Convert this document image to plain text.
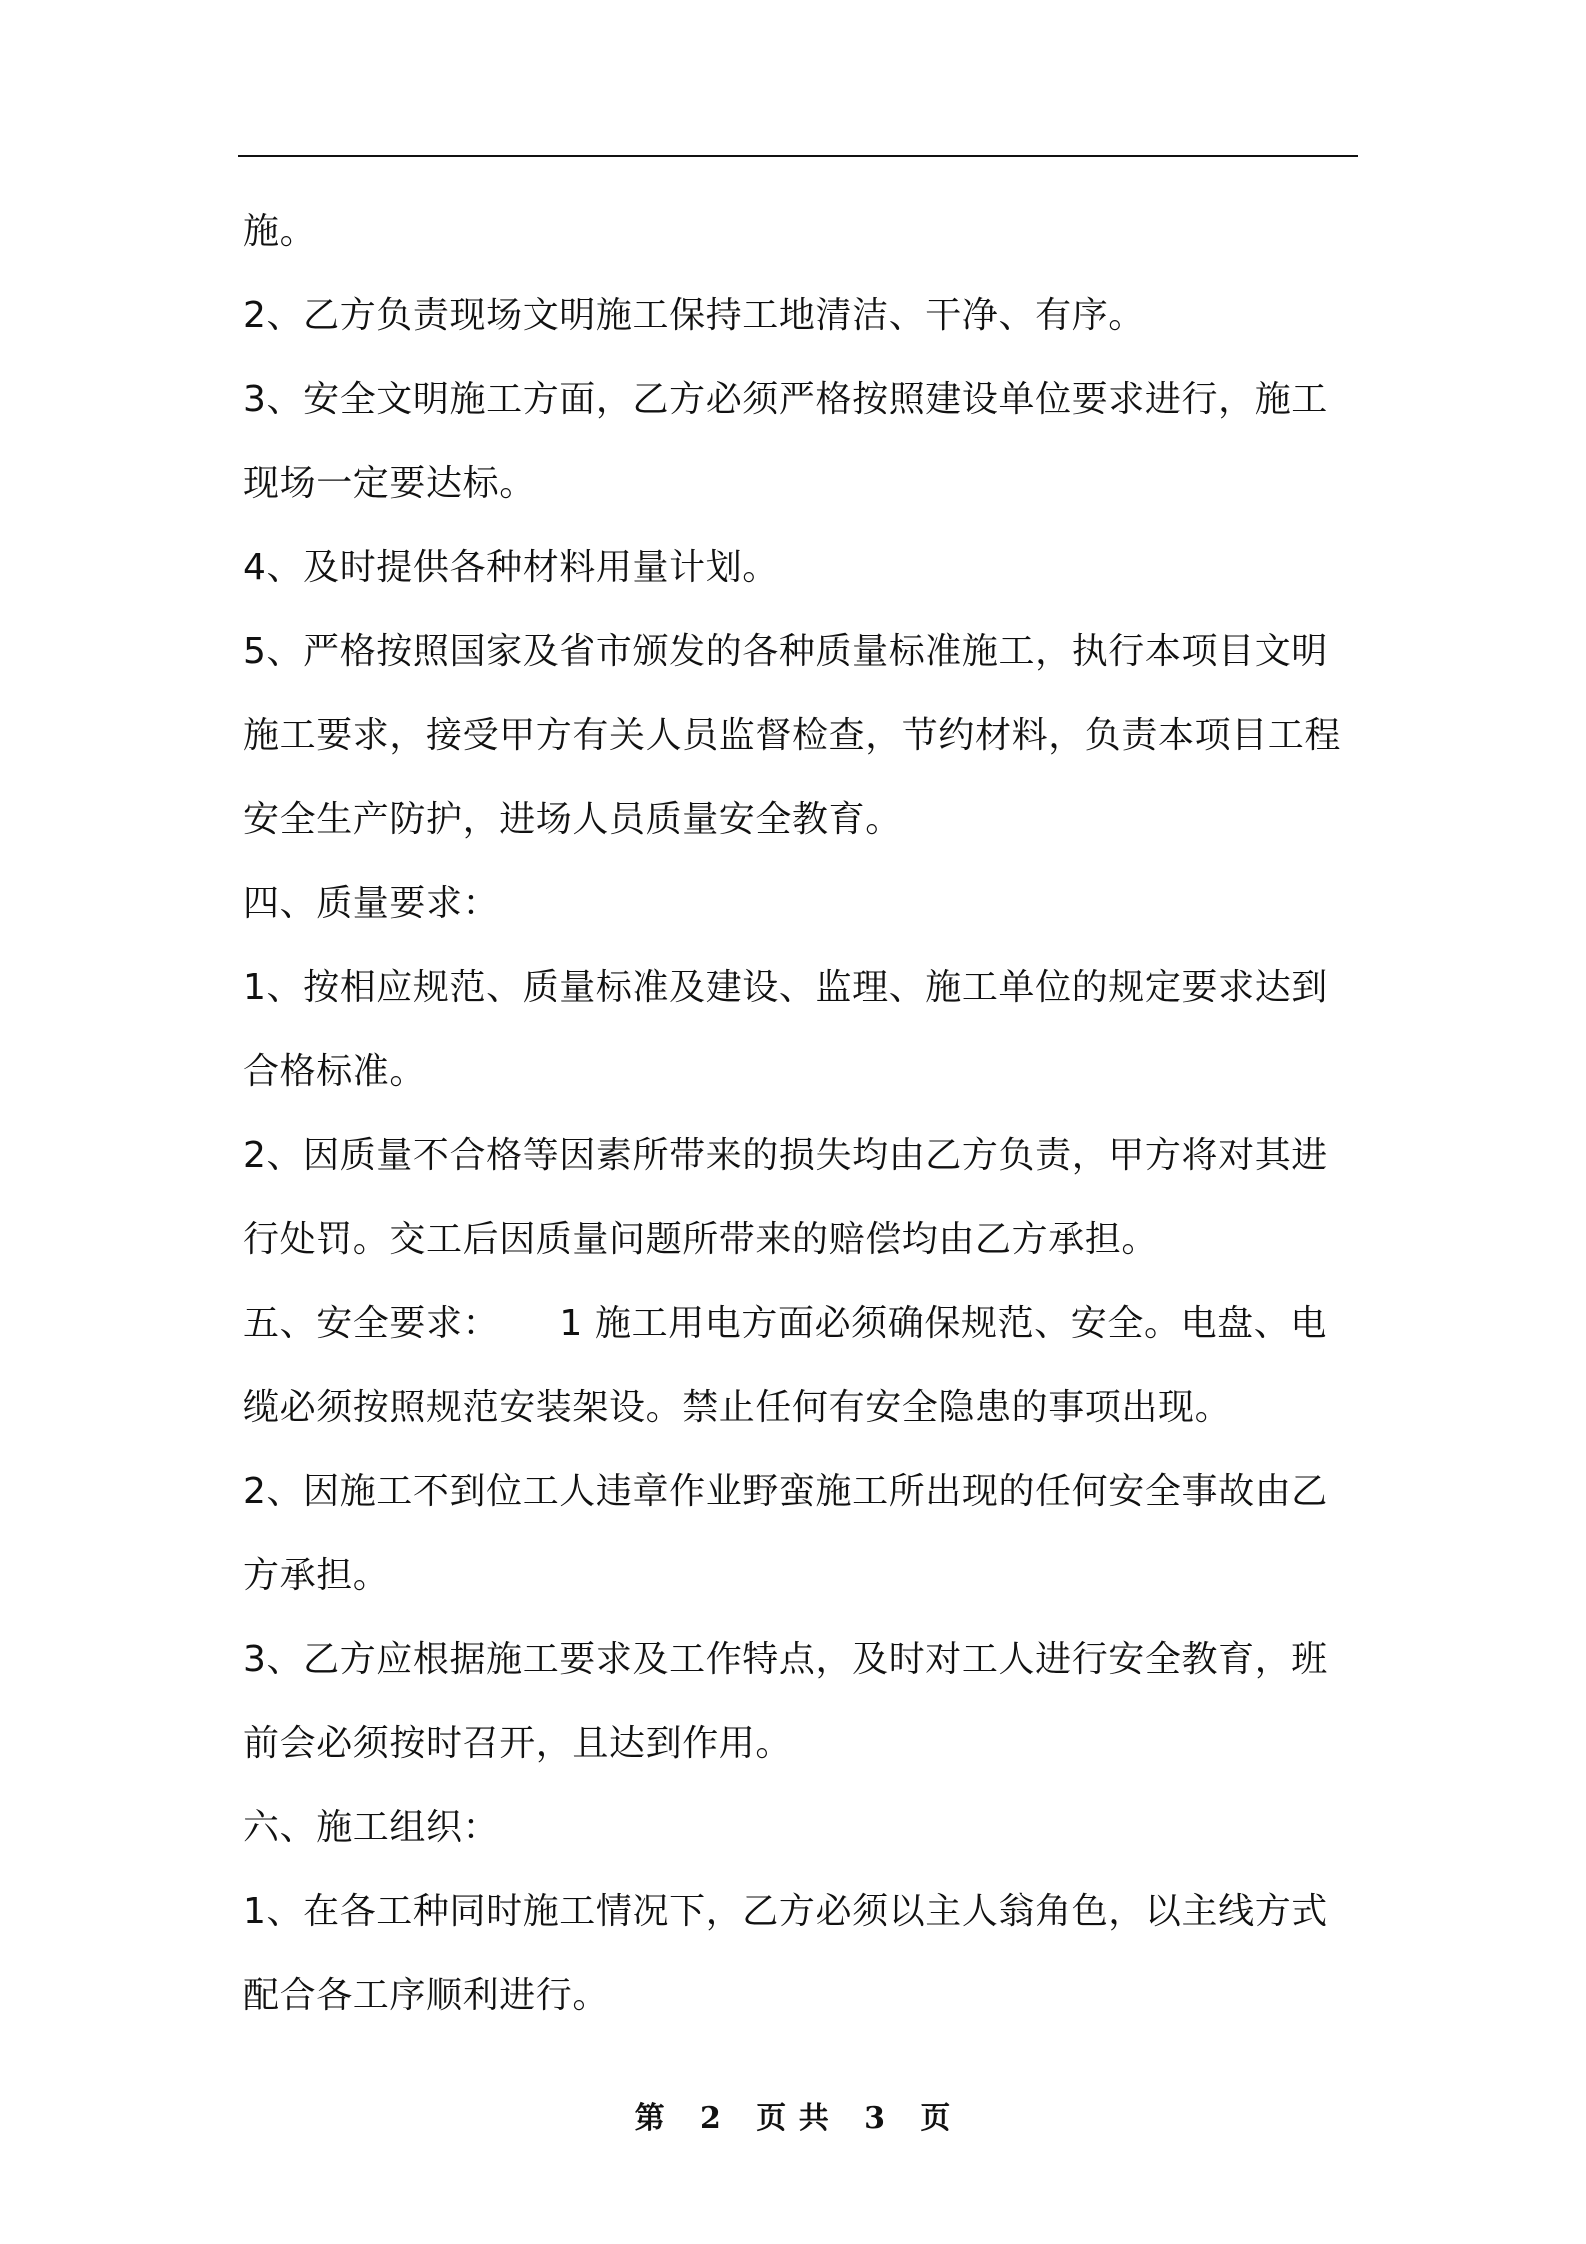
施。
2、乙方负责现场文明施工保持工地清洁、干净、有序。
3、安全文明施工方面，乙方必须严格按照建设单位要求进行，施工
现场一定要达标。
4、及时提供各种材料用量计划。
5、严格按照国家及省市颁发的各种质量标准施工，执行本项目文明
施工要求，接受甲方有关人员监督检查，节约材料，负责本项目工程
安全生产防护，进场人员质量安全教育。
四、质量要求：
1、按相应规范、质量标准及建设、监理、施工单位的规定要求达到
合格标准。
2、因质量不合格等因素所带来的损失均由乙方负责，甲方将对其进
行处罚。交工后因质量问题所带来的赔偿均由乙方承担。
五、安全要求：     1 施工用电方面必须确保规范、安全。电盘、电
缆必须按照规范安装架设。禁止任何有安全隐患的事项出现。
2、因施工不到位工人违章作业野蛮施工所出现的任何安全事故由乙
方承担。
3、乙方应根据施工要求及工作特点，及时对工人进行安全教育，班
前会必须按时召开，且达到作用。
六、施工组织：
1、在各工种同时施工情况下，乙方必须以主人翁角色，以主线方式
配合各工序顺利进行。
第 2 页 共 3 页
